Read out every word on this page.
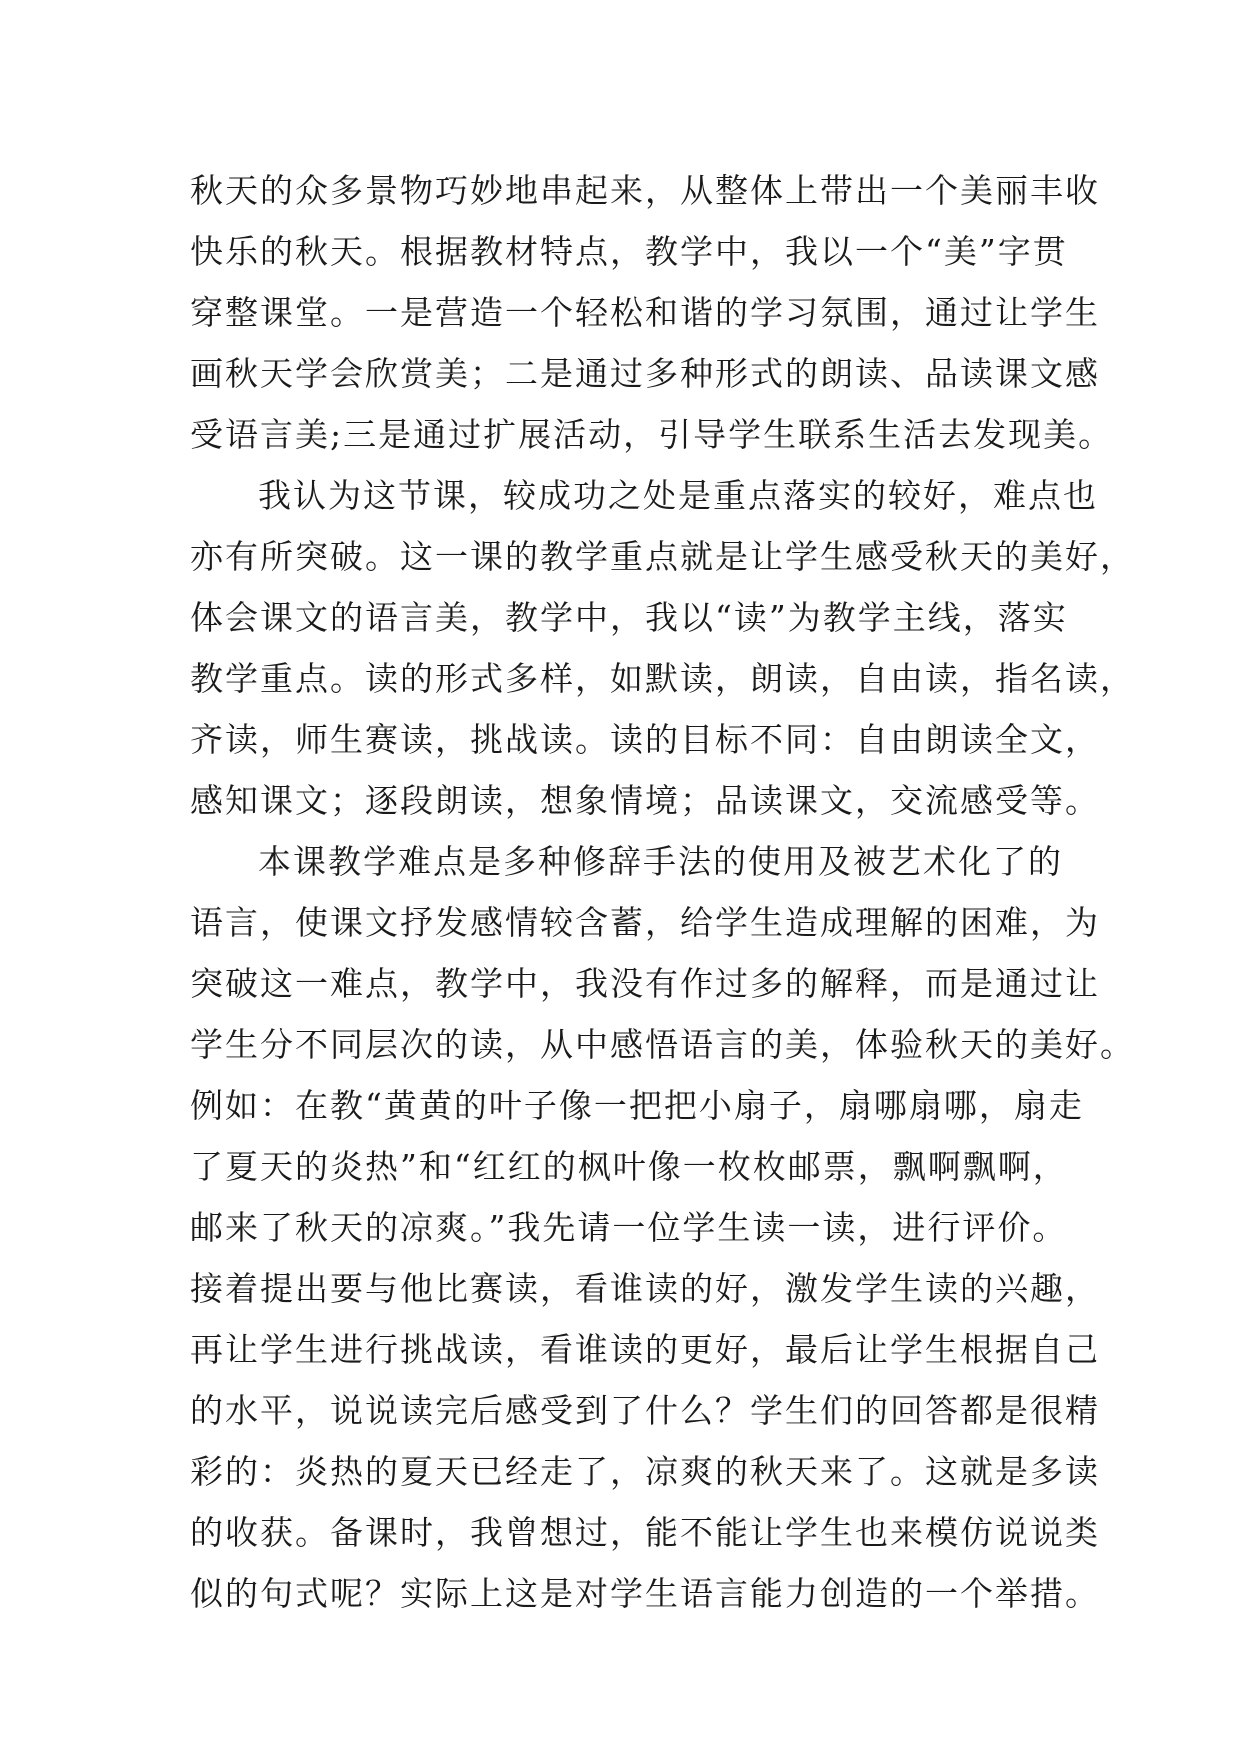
秋天的众多景物巧妙地串起来，从整体上带出一个美丽丰收
快乐的秋天。根据教材特点，教学中，我以一个“美”字贯
穿整课堂。一是营造一个轻松和谐的学习氛围，通过让学生
画秋天学会欣赏美；二是通过多种形式的朗读、品读课文感
受语言美;三是通过扩展活动，引导学生联系生活去发现美。
我认为这节课，较成功之处是重点落实的较好，难点也
亦有所突破。这一课的教学重点就是让学生感受秋天的美好，
体会课文的语言美，教学中，我以“读”为教学主线，落实
教学重点。读的形式多样，如默读，朗读，自由读，指名读，
齐读，师生赛读，挑战读。读的目标不同：自由朗读全文，
感知课文；逐段朗读，想象情境；品读课文，交流感受等。
本课教学难点是多种修辞手法的使用及被艺术化了的
语言，使课文抒发感情较含蓄，给学生造成理解的困难，为
突破这一难点，教学中，我没有作过多的解释，而是通过让
学生分不同层次的读，从中感悟语言的美，体验秋天的美好。
例如：在教“黄黄的叶子像一把把小扇子，扇哪扇哪，扇走
了夏天的炎热”和“红红的枫叶像一枚枚邮票，飘啊飘啊，
邮来了秋天的凉爽。”我先请一位学生读一读，进行评价。
接着提出要与他比赛读，看谁读的好，激发学生读的兴趣，
再让学生进行挑战读，看谁读的更好，最后让学生根据自己
的水平，说说读完后感受到了什么？学生们的回答都是很精
彩的：炎热的夏天已经走了，凉爽的秋天来了。这就是多读
的收获。备课时，我曾想过，能不能让学生也来模仿说说类
似的句式呢？实际上这是对学生语言能力创造的一个举措。
